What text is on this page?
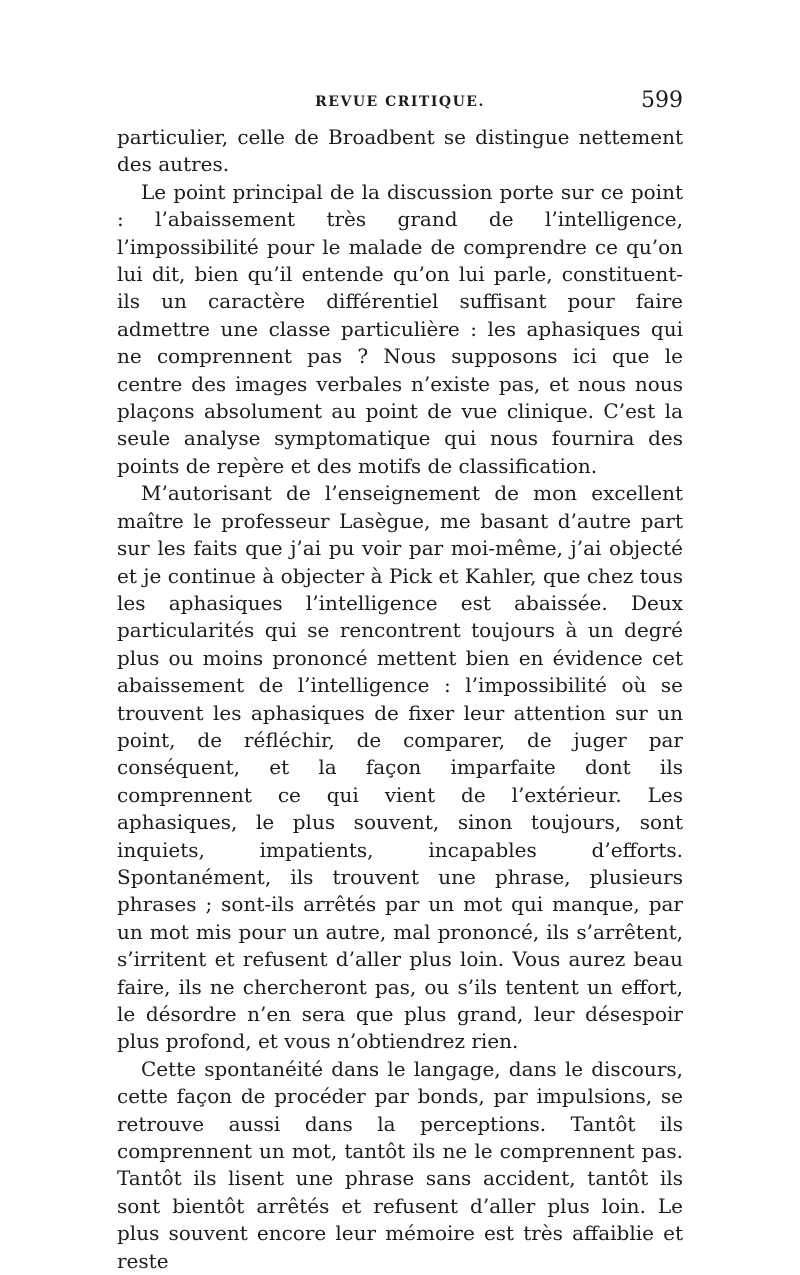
REVUE CRITIQUE.	599

particulier, celle de Broadbent se distingue nettement des autres.

Le point principal de la discussion porte sur ce point : l’abaissement très grand de l’intelligence, l’impossibilité pour le malade de comprendre ce qu’on lui dit, bien qu’il entende qu’on lui parle, constituent-ils un caractère différentiel suffisant pour faire admettre une classe particulière : les aphasiques qui ne comprennent pas ? Nous supposons ici que le centre des images verbales n’existe pas, et nous nous plaçons absolument au point de vue clinique. C’est la seule analyse symptomatique qui nous fournira des points de repère et des motifs de classification.

M’autorisant de l’enseignement de mon excellent maître le professeur Lasègue, me basant d’autre part sur les faits que j’ai pu voir par moi-même, j’ai objecté et je continue à objecter à Pick et Kahler, que chez tous les aphasiques l’intelligence est abaissée. Deux particularités qui se rencontrent toujours à un degré plus ou moins prononcé mettent bien en évidence cet abaissement de l’intelligence : l’impossibilité où se trouvent les aphasiques de fixer leur attention sur un point, de réfléchir, de comparer, de juger par conséquent, et la façon imparfaite dont ils comprennent ce qui vient de l’extérieur. Les aphasiques, le plus souvent, sinon toujours, sont inquiets, impatients, incapables d’efforts. Spontanément, ils trouvent une phrase, plusieurs phrases ; sont-ils arrêtés par un mot qui manque, par un mot mis pour un autre, mal prononcé, ils s’arrêtent, s’irritent et refusent d’aller plus loin. Vous aurez beau faire, ils ne chercheront pas, ou s’ils tentent un effort, le désordre n’en sera que plus grand, leur désespoir plus profond, et vous n’obtiendrez rien.

Cette spontanéité dans le langage, dans le discours, cette façon de procéder par bonds, par impulsions, se retrouve aussi dans la perceptions. Tantôt ils comprennent un mot, tantôt ils ne le comprennent pas. Tantôt ils lisent une phrase sans accident, tantôt ils sont bientôt arrêtés et refusent d’aller plus loin. Le plus souvent encore leur mémoire est très affaiblie et reste
